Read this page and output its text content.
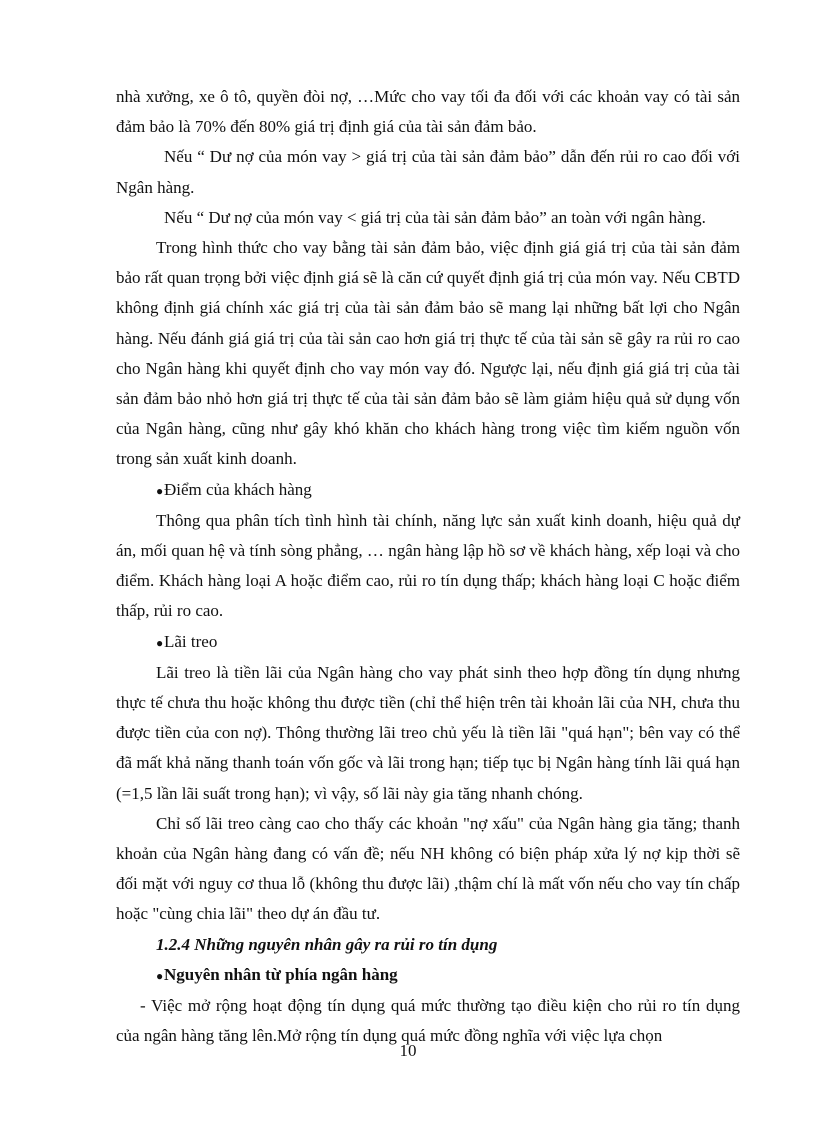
nhà xưởng, xe ô tô, quyền đòi nợ, …Mức cho vay tối đa đối với các khoản vay có tài sản đảm bảo là 70% đến 80% giá trị định giá của tài sản đảm bảo.

Nếu “ Dư nợ của món vay > giá trị của tài sản đảm bảo” dẫn đến rủi ro cao đối với Ngân hàng.

Nếu “ Dư nợ của món vay < giá trị của tài sản đảm bảo” an toàn với ngân hàng.

Trong hình thức cho vay bằng tài sản đảm bảo, việc định giá giá trị của tài sản đảm bảo rất quan trọng bởi việc định giá sẽ là căn cứ quyết định giá trị của món vay. Nếu CBTD không định giá chính xác giá trị của tài sản đảm bảo sẽ mang lại những bất lợi cho Ngân hàng. Nếu đánh giá giá trị của tài sản cao hơn giá trị thực tế của tài sản sẽ gây ra rủi ro cao cho Ngân hàng khi quyết định cho vay món vay đó. Ngược lại, nếu định giá giá trị của tài sản đảm bảo nhỏ hơn giá trị thực tế của tài sản đảm bảo sẽ làm giảm hiệu quả sử dụng vốn của Ngân hàng, cũng như gây khó khăn cho khách hàng trong việc tìm kiếm nguồn vốn trong sản xuất kinh doanh.

●Điểm của khách hàng

Thông qua phân tích tình hình tài chính, năng lực sản xuất kinh doanh, hiệu quả dự án, mối quan hệ và tính sòng phẳng, … ngân hàng lập hồ sơ về khách hàng, xếp loại và cho điểm. Khách hàng loại A hoặc điểm cao, rủi ro tín dụng thấp; khách hàng loại C hoặc điểm thấp, rủi ro cao.

●Lãi treo

Lãi treo là tiền lãi của Ngân hàng cho vay phát sinh theo hợp đồng tín dụng nhưng thực tế chưa thu hoặc không thu được tiền (chỉ thể hiện trên tài khoản lãi của NH, chưa thu được tiền của con nợ). Thông thường lãi treo chủ yếu là tiền lãi "quá hạn"; bên vay có thể đã mất khả năng thanh toán vốn gốc và lãi trong hạn; tiếp tục bị Ngân hàng tính lãi quá hạn (=1,5 lần lãi suất trong hạn); vì vậy, số lãi này gia tăng nhanh chóng.

Chỉ số lãi treo càng cao cho thấy các khoản "nợ xấu" của Ngân hàng gia tăng; thanh khoản của Ngân hàng đang có vấn đề; nếu NH không có biện pháp xửa lý nợ kịp thời sẽ đối mặt với nguy cơ thua lỗ (không thu được lãi) ,thậm chí là mất vốn nếu cho vay tín chấp hoặc "cùng chia lãi" theo dự án đầu tư.

1.2.4 Những nguyên nhân gây ra rủi ro tín dụng

●Nguyên nhân từ phía ngân hàng

- Việc mở rộng hoạt động tín dụng quá mức thường tạo điều kiện cho rủi ro tín dụng của ngân hàng tăng lên.Mở rộng tín dụng quá mức đồng nghĩa với việc lựa chọn

10
